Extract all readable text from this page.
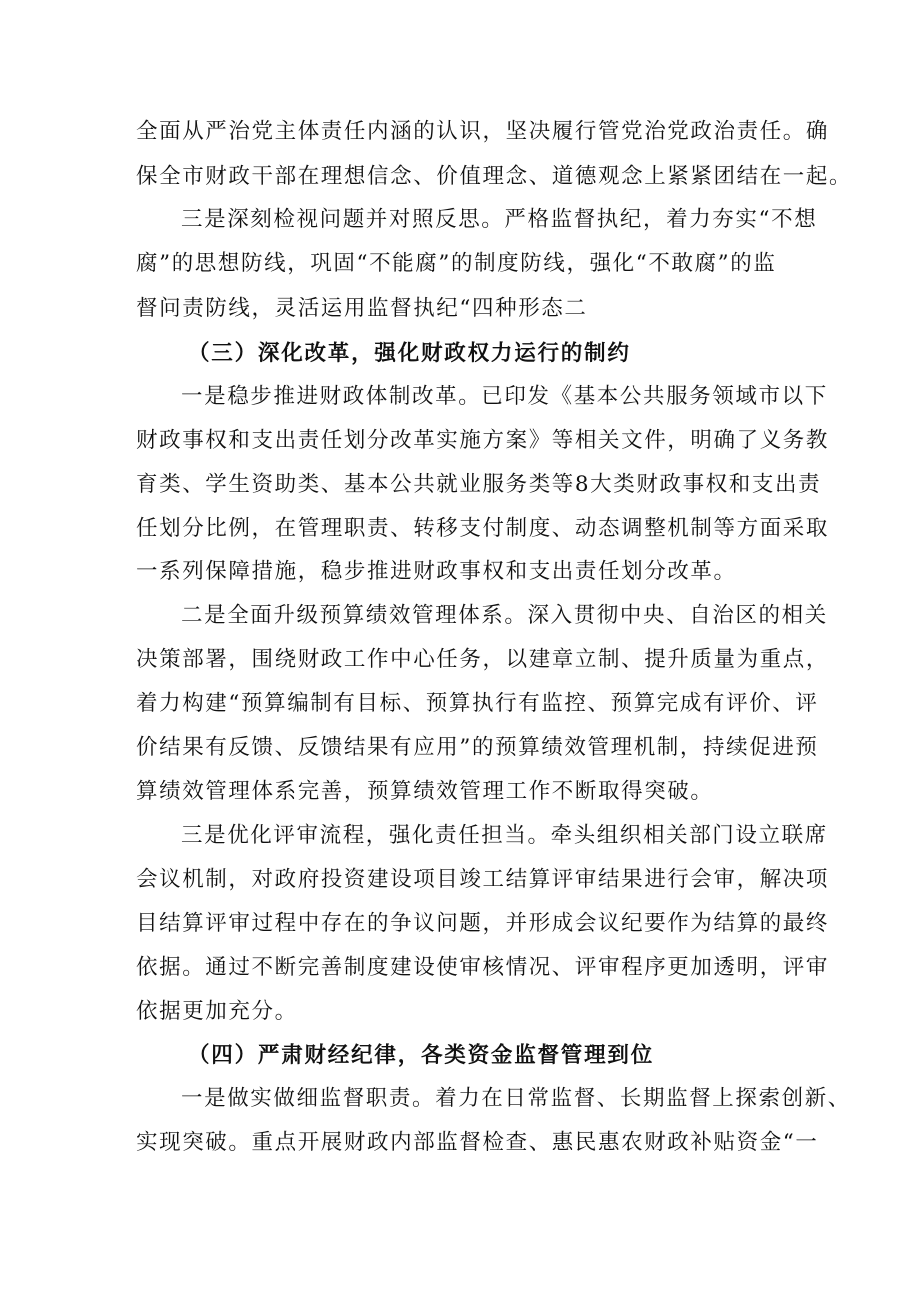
全面从严治党主体责任内涵的认识，坚决履行管党治党政治责任。确
保全市财政干部在理想信念、价值理念、道德观念上紧紧团结在一起。
三是深刻检视问题并对照反思。严格监督执纪，着力夯实“不想
腐”的思想防线，巩固“不能腐”的制度防线，强化“不敢腐”的监
督问责防线，灵活运用监督执纪“四种形态二
（三）深化改革，强化财政权力运行的制约
一是稳步推进财政体制改革。已印发《基本公共服务领域市以下
财政事权和支出责任划分改革实施方案》等相关文件，明确了义务教
育类、学生资助类、基本公共就业服务类等8大类财政事权和支出责
任划分比例，在管理职责、转移支付制度、动态调整机制等方面采取
一系列保障措施，稳步推进财政事权和支出责任划分改革。
二是全面升级预算绩效管理体系。深入贯彻中央、自治区的相关
决策部署，围绕财政工作中心任务，以建章立制、提升质量为重点，
着力构建“预算编制有目标、预算执行有监控、预算完成有评价、评
价结果有反馈、反馈结果有应用”的预算绩效管理机制，持续促进预
算绩效管理体系完善，预算绩效管理工作不断取得突破。
三是优化评审流程，强化责任担当。牵头组织相关部门设立联席
会议机制，对政府投资建设项目竣工结算评审结果进行会审，解决项
目结算评审过程中存在的争议问题，并形成会议纪要作为结算的最终
依据。通过不断完善制度建设使审核情况、评审程序更加透明，评审
依据更加充分。
（四）严肃财经纪律，各类资金监督管理到位
一是做实做细监督职责。着力在日常监督、长期监督上探索创新、
实现突破。重点开展财政内部监督检查、惠民惠农财政补贴资金“一
